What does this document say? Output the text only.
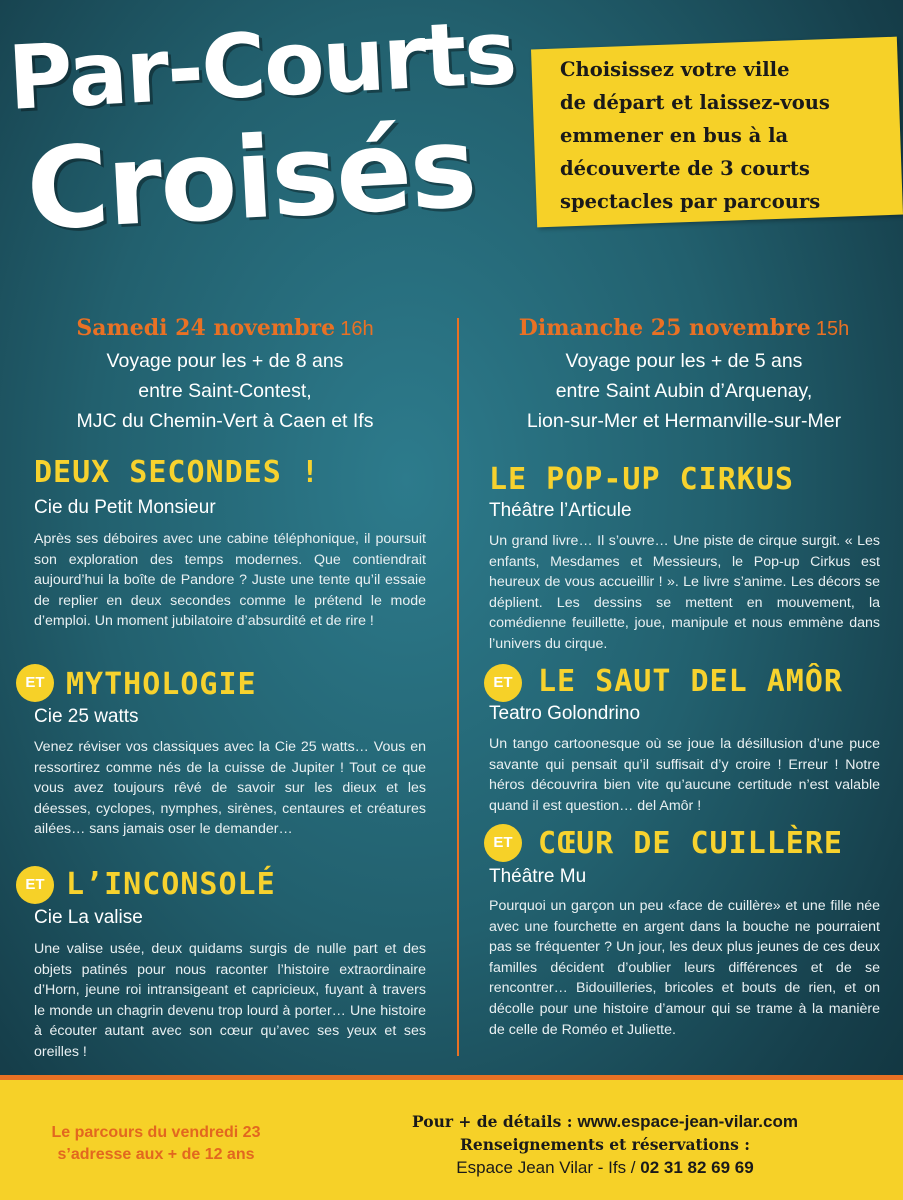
Par-Courts
Croisés
Choisissez votre ville
de départ et laissez-vous
emmener en bus à la
découverte de 3 courts
spectacles par parcours
Samedi 24 novembre 16h
Voyage pour les + de 8 ans
entre Saint-Contest,
MJC du Chemin-Vert à Caen et Ifs
Dimanche 25 novembre 15h
Voyage pour les + de 5 ans
entre Saint Aubin d’Arquenay,
Lion-sur-Mer et Hermanville-sur-Mer
DEUX SECONDES !
Cie du Petit Monsieur
Après ses déboires avec une cabine téléphonique, il poursuit son exploration des temps modernes. Que contiendrait aujourd’hui la boîte de Pandore ? Juste une tente qu’il essaie de replier en deux secondes comme le prétend le mode d’emploi. Un moment jubilatoire d’absurdité et de rire !
ET MYTHOLOGIE
Cie 25 watts
Venez réviser vos classiques avec la Cie 25 watts… Vous en ressortirez comme nés de la cuisse de Jupiter ! Tout ce que vous avez toujours rêvé de savoir sur les dieux et les déesses, cyclopes, nymphes, sirènes, centaures et créatures ailées… sans jamais oser le demander…
ET L’INCONSOLÉ
Cie La valise
Une valise usée, deux quidams surgis de nulle part et des objets patinés pour nous raconter l’histoire extraordinaire d’Horn, jeune roi intransigeant et capricieux, fuyant à travers le monde un chagrin devenu trop lourd à porter… Une histoire à écouter autant avec son cœur qu’avec ses yeux et ses oreilles !
LE POP-UP CIRKUS
Théâtre l’Articule
Un grand livre… Il s’ouvre… Une piste de cirque surgit. « Les enfants, Mesdames et Messieurs, le Pop-up Cirkus est heureux de vous accueillir ! ». Le livre s’anime. Les décors se déplient. Les dessins se mettent en mouvement, la comédienne feuillette, joue, manipule et nous emmène dans l’univers du cirque.
ET LE SAUT DEL AMÔR
Teatro Golondrino
Un tango cartoonesque où se joue la désillusion d’une puce savante qui pensait qu’il suffisait d’y croire ! Erreur ! Notre héros découvrira bien vite qu’aucune certitude n’est valable quand il est question… del Amôr !
ET CŒUR DE CUILLÈRE
Théâtre Mu
Pourquoi un garçon un peu «face de cuillère» et une fille née avec une fourchette en argent dans la bouche ne pourraient pas se fréquenter ? Un jour, les deux plus jeunes de ces deux familles décident d’oublier leurs différences et de se rencontrer… Bidouilleries, bricoles et bouts de rien, et on décolle pour une histoire d’amour qui se trame à la manière de celle de Roméo et Juliette.
Le parcours du vendredi 23
s’adresse aux + de 12 ans
Pour + de détails : www.espace-jean-vilar.com
Renseignements et réservations :
Espace Jean Vilar - Ifs / 02 31 82 69 69
